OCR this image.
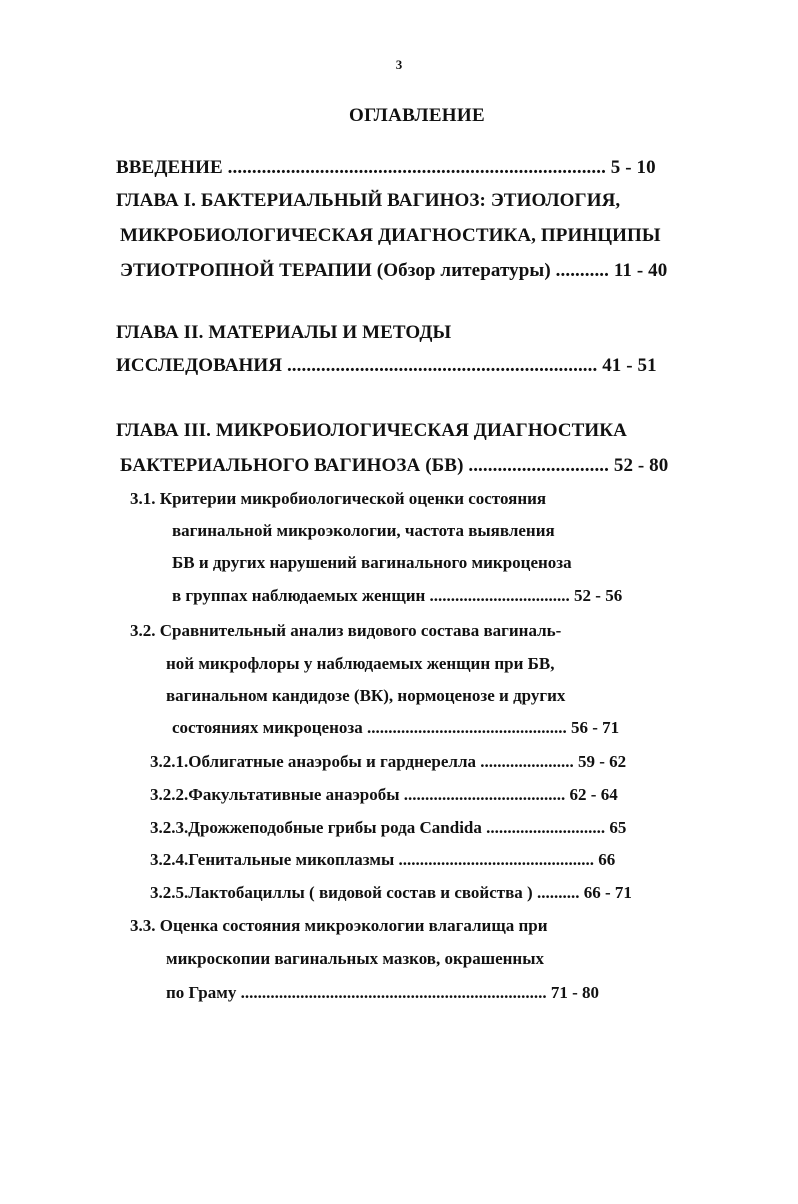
3
ОГЛАВЛЕНИЕ
ВВЕДЕНИЕ .............................................................................. 5 - 10
ГЛАВА I. БАКТЕРИАЛЬНЫЙ ВАГИНОЗ: ЭТИОЛОГИЯ,
МИКРОБИОЛОГИЧЕСКАЯ ДИАГНОСТИКА, ПРИНЦИПЫ
ЭТИОТРОПНОЙ ТЕРАПИИ (Обзор литературы) ........... 11 - 40
ГЛАВА II. МАТЕРИАЛЫ И МЕТОДЫ
ИССЛЕДОВАНИЯ ................................................................ 41 - 51
ГЛАВА III. МИКРОБИОЛОГИЧЕСКАЯ ДИАГНОСТИКА
БАКТЕРИАЛЬНОГО ВАГИНОЗА (БВ) ............................. 52 - 80
3.1. Критерии микробиологической оценки состояния
вагинальной микроэкологии, частота выявления
БВ и других нарушений вагинального микроценоза
в группах наблюдаемых женщин ................................. 52 - 56
3.2. Сравнительный анализ видового состава вагиналь-
ной микрофлоры у наблюдаемых женщин при БВ,
вагинальном кандидозе (ВК), нормоценозе и других
состояниях микроценоза ............................................... 56 - 71
3.2.1.Облигатные анаэробы и гарднерелла ...................... 59 - 62
3.2.2.Факультативные анаэробы ...................................... 62 - 64
3.2.3.Дрожжеподобные грибы рода Candida ............................ 65
3.2.4.Генитальные микоплазмы .............................................. 66
3.2.5.Лактобациллы ( видовой состав и свойства ) .......... 66 - 71
3.3. Оценка состояния микроэкологии влагалища при
микроскопии вагинальных мазков, окрашенных
по Граму ........................................................................ 71 - 80
